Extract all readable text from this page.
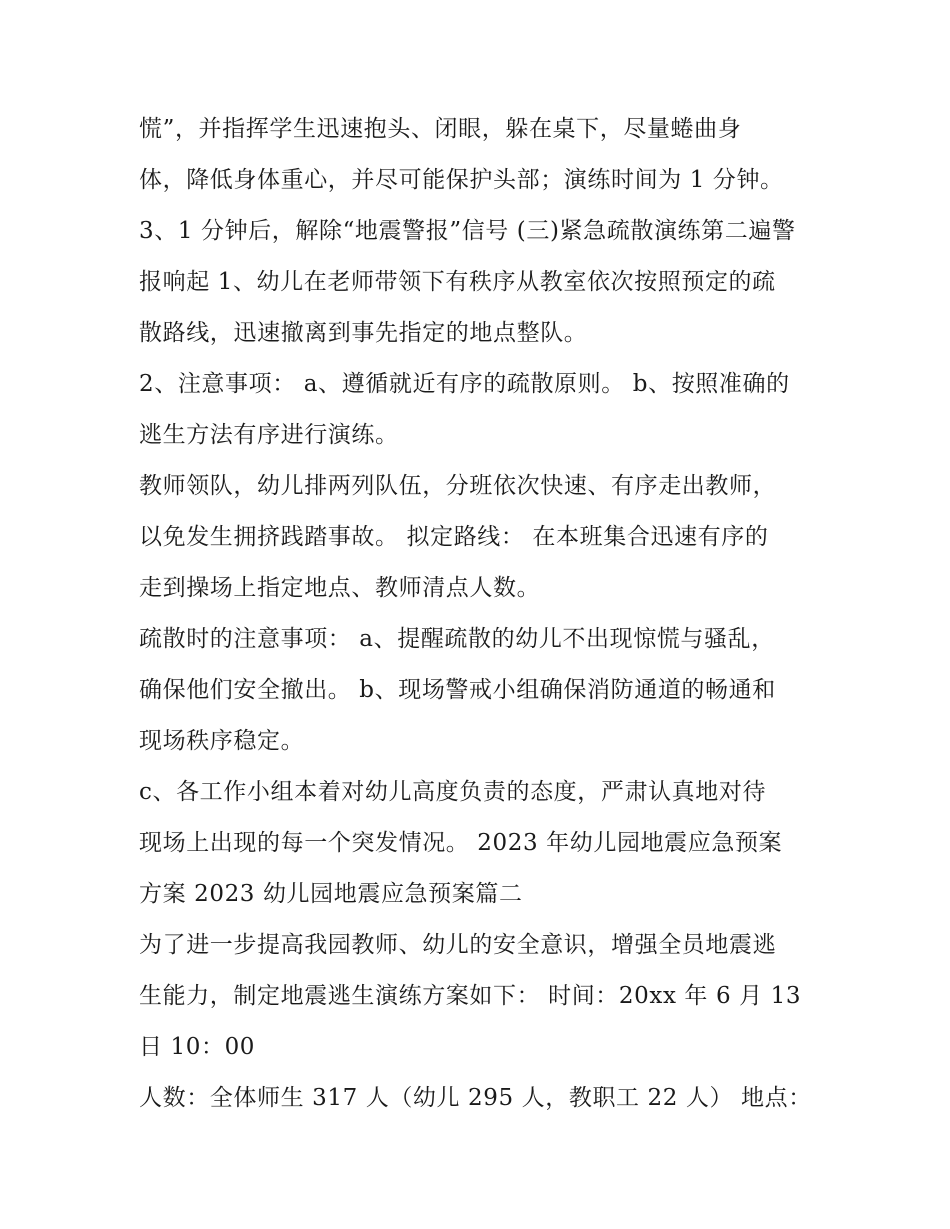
慌”，并指挥学生迅速抱头、闭眼，躲在桌下，尽量蜷曲身
体，降低身体重心，并尽可能保护头部；演练时间为 1 分钟。
3、1 分钟后，解除“地震警报”信号 (三)紧急疏散演练第二遍警
报响起 1、幼儿在老师带领下有秩序从教室依次按照预定的疏
散路线，迅速撤离到事先指定的地点整队。
2、注意事项： a、遵循就近有序的疏散原则。 b、按照准确的
逃生方法有序进行演练。
教师领队，幼儿排两列队伍，分班依次快速、有序走出教师，
以免发生拥挤践踏事故。 拟定路线： 在本班集合迅速有序的
走到操场上指定地点、教师清点人数。
疏散时的注意事项： a、提醒疏散的幼儿不出现惊慌与骚乱，
确保他们安全撤出。 b、现场警戒小组确保消防通道的畅通和
现场秩序稳定。
c、各工作小组本着对幼儿高度负责的态度，严肃认真地对待
现场上出现的每一个突发情况。 2023 年幼儿园地震应急预案
方案 2023 幼儿园地震应急预案篇二
为了进一步提高我园教师、幼儿的安全意识，增强全员地震逃
生能力，制定地震逃生演练方案如下： 时间：20xx 年 6 月 13
日 10：00
人数：全体师生 317 人（幼儿 295 人，教职工 22 人） 地点：
